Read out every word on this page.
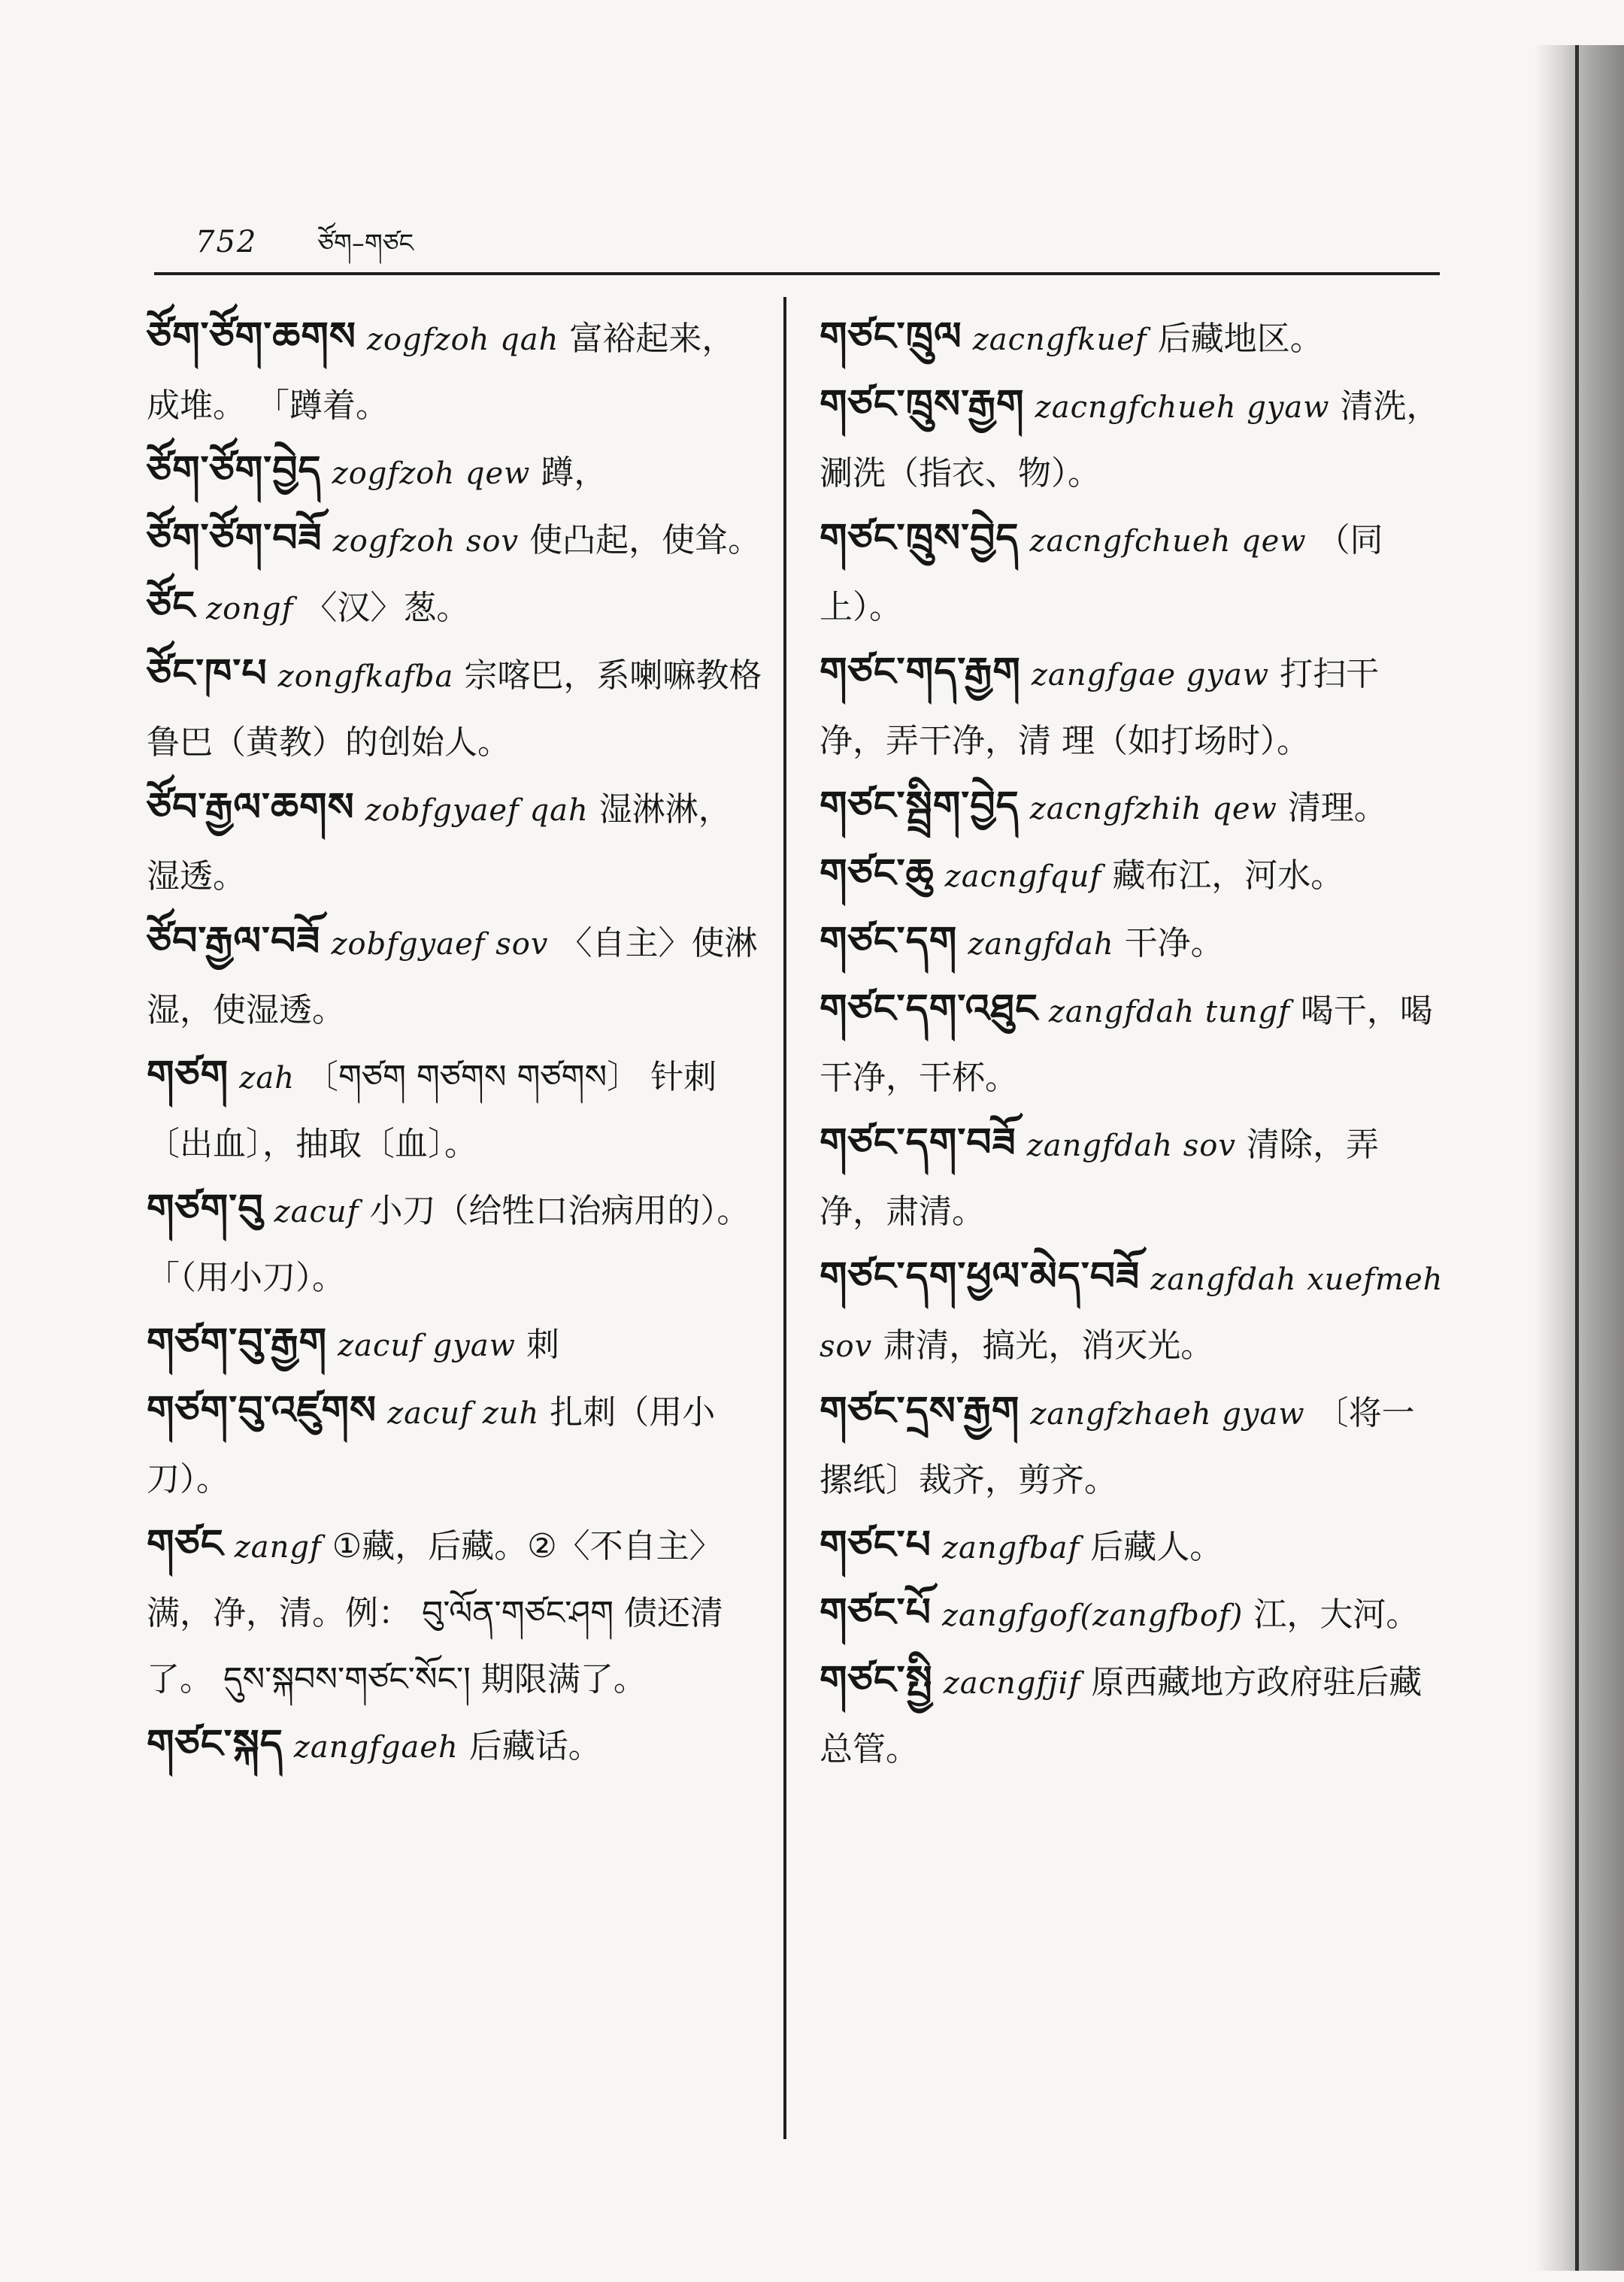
752 ཙོག–གཙང

ཙོག་ཙོག་ཆགས zogfzoh qah 富裕起来，成堆。 「蹲着。

ཙོག་ཙོག་བྱེད zogfzoh qew 蹲，

ཙོག་ཙོག་བཟོ zogfzoh sov 使凸起，使耸。

ཙོང zongf 〈汉〉葱。

ཙོང་ཁ་པ zongfkafba 宗喀巴，系喇嘛教格鲁巴（黄教）的创始人。

ཙོབ་རྒྱལ་ཆགས zobfgyaef qah 湿淋淋，湿透。

ཙོབ་རྒྱལ་བཟོ zobfgyaef sov 〈自主〉使淋湿，使湿透。

གཙག zah 〔གཙག གཙགས གཙགས〕 针刺〔出血〕，抽取〔血〕。

གཙག་བུ zacuf 小刀（给牲口治病用的）。 「（用小刀）。

གཙག་བུ་རྒྱག zacuf gyaw 刺

གཙག་བུ་འཛུགས zacuf zuh 扎刺（用小刀）。

གཙང zangf ①藏，后藏。②〈不自主〉满，净，清。例： བུ་ལོན་གཙང་ཤག 债还清了。 དུས་སྐབས་གཙང་སོང་། 期限满了。

གཙང་སྐད zangfgaeh 后藏话。

གཙང་ཁྲུལ zacngfkuef 后藏地区。

གཙང་ཁྲུས་རྒྱག zacngfchueh gyaw 清洗，涮洗（指衣、物）。

གཙང་ཁྲུས་བྱེད zacngfchueh qew （同上）。

གཙང་གད་རྒྱག zangfgae gyaw 打扫干净，弄干净，清 理（如打场时）。

གཙང་སྦྲིག་བྱེད zacngfzhih qew 清理。

གཙང་ཆུ zacngfquf 藏布江，河水。

གཙང་དག zangfdah 干净。

གཙང་དག་འཐུང zangfdah tungf 喝干，喝干净，干杯。

གཙང་དག་བཟོ zangfdah sov 清除，弄净，肃清。

གཙང་དག་ཕྱལ་མེད་བཟོ zangfdah xuefmeh sov 肃清，搞光，消灭光。

གཙང་དྲས་རྒྱག zangfzhaeh gyaw 〔将一摞纸〕裁齐，剪齐。

གཙང་པ zangfbaf 后藏人。

གཙང་པོ zangfgof(zangfbof) 江，大河。

གཙང་སྤྱི zacngfjif 原西藏地方政府驻后藏总管。
